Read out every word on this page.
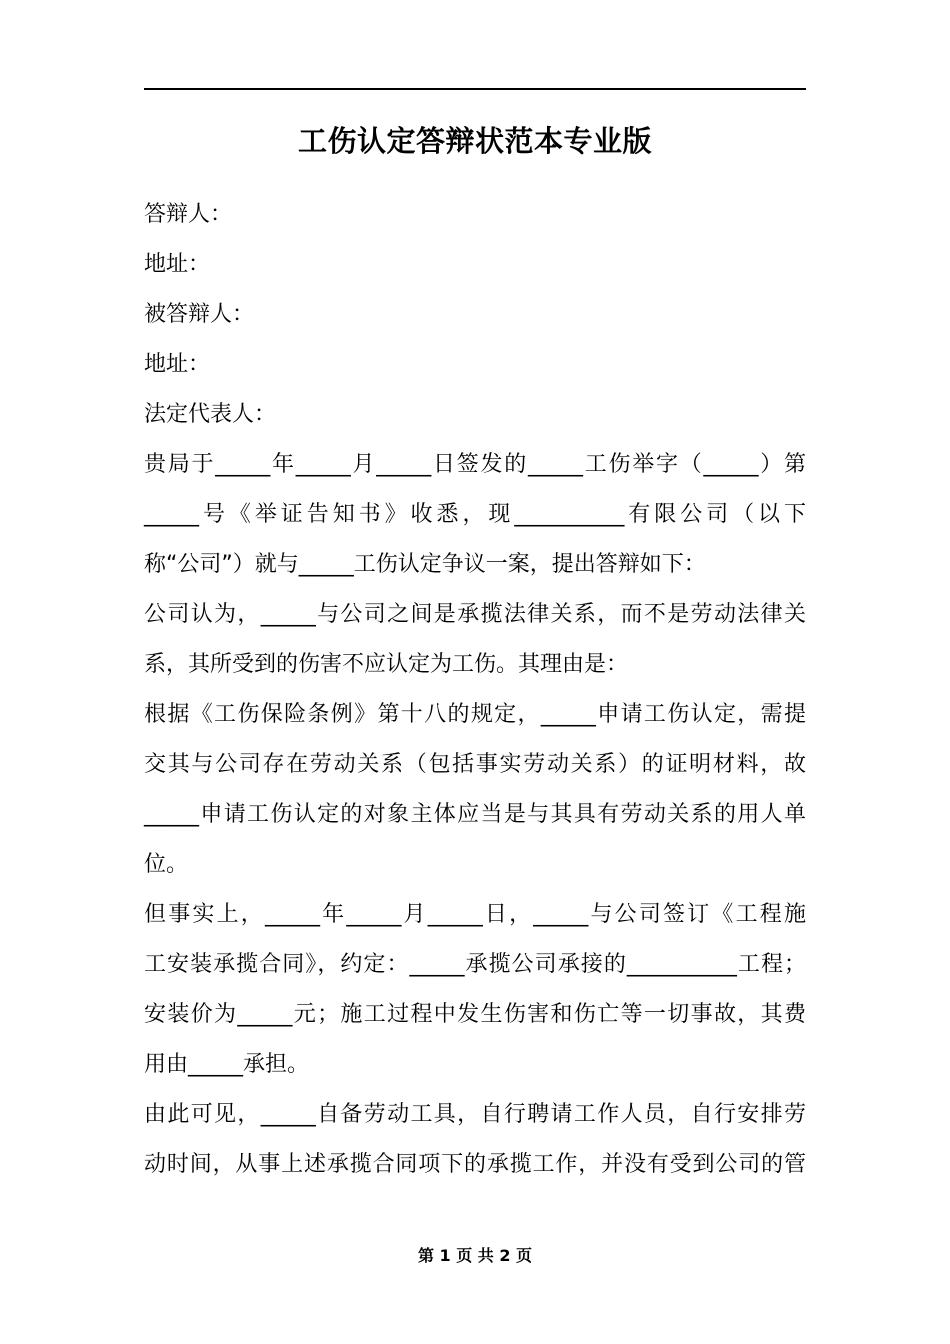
工伤认定答辩状范本专业版
答辩人：
地址：
被答辩人：
地址：
法定代表人：
贵局于_____年_____月_____日签发的_____工伤举字（_____）第
_____号《举证告知书》收悉，现__________有限公司（以下
称“公司”）就与_____工伤认定争议一案，提出答辩如下：
公司认为，_____与公司之间是承揽法律关系，而不是劳动法律关
系，其所受到的伤害不应认定为工伤。其理由是：
根据《工伤保险条例》第十八的规定，_____申请工伤认定，需提
交其与公司存在劳动关系（包括事实劳动关系）的证明材料，故
_____申请工伤认定的对象主体应当是与其具有劳动关系的用人单
位。
但事实上，_____年_____月_____日，_____与公司签订《工程施
工安装承揽合同》，约定：_____承揽公司承接的__________工程；
安装价为_____元；施工过程中发生伤害和伤亡等一切事故，其费
用由_____承担。
由此可见，_____自备劳动工具，自行聘请工作人员，自行安排劳
动时间，从事上述承揽合同项下的承揽工作，并没有受到公司的管
第 1 页 共 2 页
